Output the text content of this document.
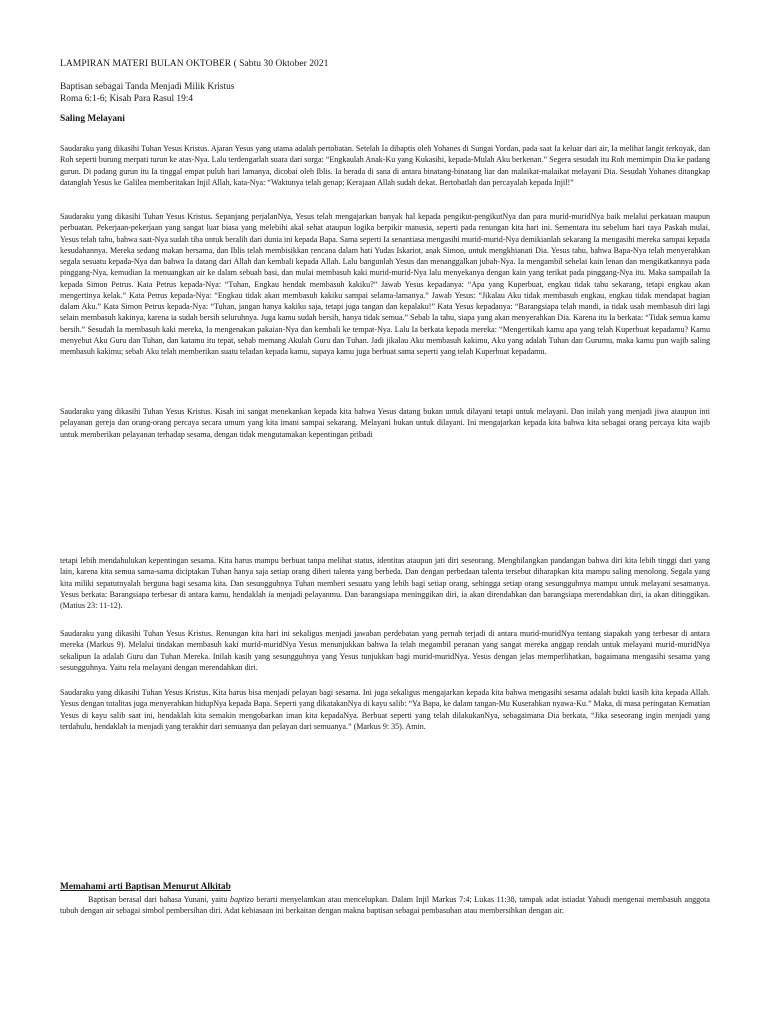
LAMPIRAN MATERI BULAN OKTOBER ( Sabtu 30 Oktober 2021
Baptisan sebagai Tanda Menjadi Milik Kristus
Roma 6:1-6; Kisah Para Rasul 19:4
Saling Melayani

Saudaraku yang dikasihi Tuhan Yesus Kristus. Ajaran Yesus yang utama adalah pertobatan. Setelah Ia dibaptis oleh Yohanes di Sungai Yordan, pada saat Ia keluar dari air, Ia melihat langit terkoyak, dan Roh seperti burung merpati turun ke atas-Nya. Lalu terdengarlah suara dari sorga: “Engkaulah Anak-Ku yang Kukasihi, kepada-Mulah Aku berkenan.” Segera sesudah itu Roh memimpin Dia ke padang gurun. Di padang gurun itu Ia tinggal empat puluh hari lamanya, dicobai oleh Iblis. Ia berada di sana di antara binatang-binatang liar dan malaikat-malaikat melayani Dia. Sesudah Yohanes ditangkap datanglah Yesus ke Galilea memberitakan Injil Allah, kata-Nya: “Waktunya telah genap; Kerajaan Allah sudah dekat. Bertobatlah dan percayalah kepada Injil!”

Saudaraku yang dikasihi Tuhan Yesus Kristus. Sepanjang perjalanNya, Yesus telah mengajarkan banyak hal kepada pengikut-pengikutNya dan para murid-muridNya baik melalui perkataan maupun perbuatan. Pekerjaan-pekerjaan yang sangat luar biasa yang melebihi akal sehat ataupun logika berpikir manusia, seperti pada renungan kita hari ini. Sementara itu sebelum hari raya Paskah mulai, Yesus telah tahu, bahwa saat-Nya sudah tiba untuk beralih dari dunia ini kepada Bapa. Sama seperti Ia senantiasa mengasihi murid-murid-Nya demikianlah sekarang Ia mengasihi mereka sampai kepada kesudahannya. Mereka sedang makan bersama, dan Iblis telah membisikkan rencana dalam hati Yudas Iskariot, anak Simon, untuk mengkhianati Dia. Yesus tahu, bahwa Bapa-Nya telah menyerahkan segala sesuatu kepada-Nya dan bahwa Ia datang dari Allah dan kembali kepada Allah. Lalu bangunlah Yesus dan menanggalkan jubah-Nya. Ia mengambil sehelai kain lenan dan mengikatkannya pada pinggang-Nya, kemudian Ia menuangkan air ke dalam sebuah basi, dan mulai membasuh kaki murid-murid-Nya lalu menyekanya dengan kain yang terikat pada pinggang-Nya itu. Maka sampailah Ia kepada Simon Petrus. Kata Petrus kepada-Nya: “Tuhan, Engkau hendak membasuh kakiku?” Jawab Yesus kepadanya: “Apa yang Kuperbuat, engkau tidak tahu sekarang, tetapi engkau akan mengertinya kelak.” Kata Petrus kepada-Nya: “Engkau tidak akan membasuh kakiku sampai selama-lamanya.” Jawab Yesus: “Jikalau Aku tidak membasuh engkau, engkau tidak mendapat bagian dalam Aku.” Kata Simon Petrus kepada-Nya: “Tuhan, jangan hanya kakiku saja, tetapi juga tangan dan kepalaku!” Kata Yesus kepadanya: “Barangsiapa telah mandi, ia tidak usah membasuh diri lagi selain membasuh kakinya, karena ia sudah bersih seluruhnya. Juga kamu sudah bersih, hanya tidak semua.” Sebab Ia tahu, siapa yang akan menyerahkan Dia. Karena itu Ia berkata: “Tidak semua kamu bersih.” Sesudah Ia membasuh kaki mereka, Ia mengenakan pakaian-Nya dan kembali ke tempat-Nya. Lalu Ia berkata kepada mereka: “Mengertikah kamu apa yang telah Kuperbuat kepadamu? Kamu menyebut Aku Guru dan Tuhan, dan katamu itu tepat, sebab memang Akulah Guru dan Tuhan. Jadi jikalau Aku membasuh kakimu, Aku yang adalah Tuhan dan Gurumu, maka kamu pun wajib saling membasuh kakimu; sebab Aku telah memberikan suatu teladan kepada kamu, supaya kamu juga berbuat sama seperti yang telah Kuperbuat kepadamu.

Saudaraku yang dikasihi Tuhan Yesus Kristus. Kisah ini sangat menekankan kepada kita bahwa Yesus datang bukan untuk dilayani tetapi untuk melayani. Dan inilah yang menjadi jiwa ataupun inti pelayanan gereja dan orang-orang percaya secara umum yang kita imani sampai sekarang. Melayani bukan untuk dilayani. Ini mengajarkan kepada kita bahwa kita sebagai orang percaya kita wajib untuk memberikan pelayanan terhadap sesama, dengan tidak mengutamakan kepentingan pribadi

tetapi lebih mendahulukan kepentingan sesama. Kita harus mampu berbuat tanpa melihat status, identitas ataupun jati diri seseorang. Menghilangkan pandangan bahwa diri kita lebih tinggi dari yang lain, karena kita semua sama-sama diciptakan Tuhan hanya saja setiap orang diberi talenta yang berbeda. Dan dengan perbedaan talenta tersebut diharapkan kita mampu saling menolong. Segala yang kita miliki sepatutnyalah berguna bagi sesama kita. Dan sesungguhnya Tuhan memberi sesuatu yang lebih bagi setiap orang, sehingga setiap orang sesungguhnya mampu untuk melayani sesamanya. Yesus berkata: Barangsiapa terbesar di antara kamu, hendaklah ia menjadi pelayanmu. Dan barangsiapa meninggikan diri, ia akan direndahkan dan barangsiapa merendahkan diri, ia akan ditinggikan. (Matius 23: 11-12).

Saudaraku yang dikasihi Tuhan Yesus Kristus. Renungan kita hari ini sekaligus menjadi jawaban perdebatan yang pernah terjadi di antara murid-muridNya tentang siapakah yang terbesar di antara mereka (Markus 9). Melalui tindakan membasuh kaki murid-muridNya Yesus menunjukkan bahwa Ia telah megambil peranan yang sangat mereka anggap rendah untuk melayani murid-muridNya sekalipun Ia adalah Guru dan Tuhan Mereka. Inilah kasih yang sesungguhnya yang Yesus tunjukkan bagi murid-muridNya. Yesus dengan jelas memperlihatkan, bagaimana mengasihi sesama yang sesungguhnya. Yaitu rela melayani dengan merendahkan diri.

Saudaraku yang dikasihi Tuhan Yesus Kristus. Kita harus bisa menjadi pelayan bagi sesama. Ini juga sekaligus mengajarkan kepada kita bahwa mengasihi sesama adalah bukti kasih kita kepada Allah. Yesus dengan totalitas juga menyerahkan hidupNya kepada Bapa. Seperti yang dikatakanNya di kayu salib: “Ya Bapa, ke dalam tangan-Mu Kuserahkan nyawa-Ku.” Maka, di masa peringatan Kematian Yesus di kayu salib saat ini, hendaklah kita semakin mengobarkan iman kita kepadaNya. Berbuat seperti yang telah dilakukanNya, sebagaimana Dia berkata, “Jika seseorang ingin menjadi yang terdahulu, hendaklah ia menjadi yang terakhir dari semuanya dan pelayan dari semuanya.” (Markus 9: 35). Amin.

Memahami arti Baptisan Menurut Alkitab

Baptisan berasal dari bahasa Yunani, yaitu baptizo berarti menyelamkan atau mencelupkan. Dalam Injil Markus 7:4; Lukas 11:38, tampak adat istiadat Yahudi mengenai membasuh anggota tubuh dengan air sebagai simbol pembersihan diri. Adat kebiasaan ini berkaitan dengan makna baptisan sebagai pembasuhan atau membersihkan dengan air.
